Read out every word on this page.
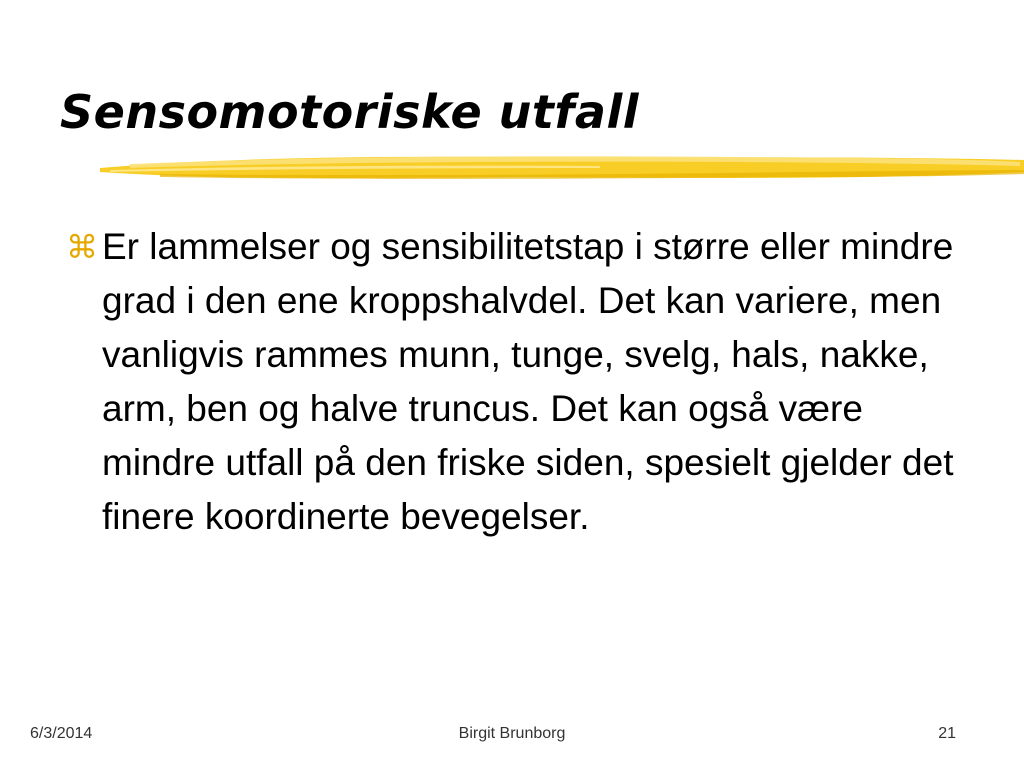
Sensomotoriske utfall
⌘ Er lammelser og sensibilitetstap i større eller mindre grad i den ene kroppshalvdel. Det kan variere, men vanligvis rammes munn, tunge, svelg, hals, nakke, arm, ben og halve truncus. Det kan også være mindre utfall på den friske siden, spesielt gjelder det finere koordinerte bevegelser.
6/3/2014	Birgit Brunborg	21
